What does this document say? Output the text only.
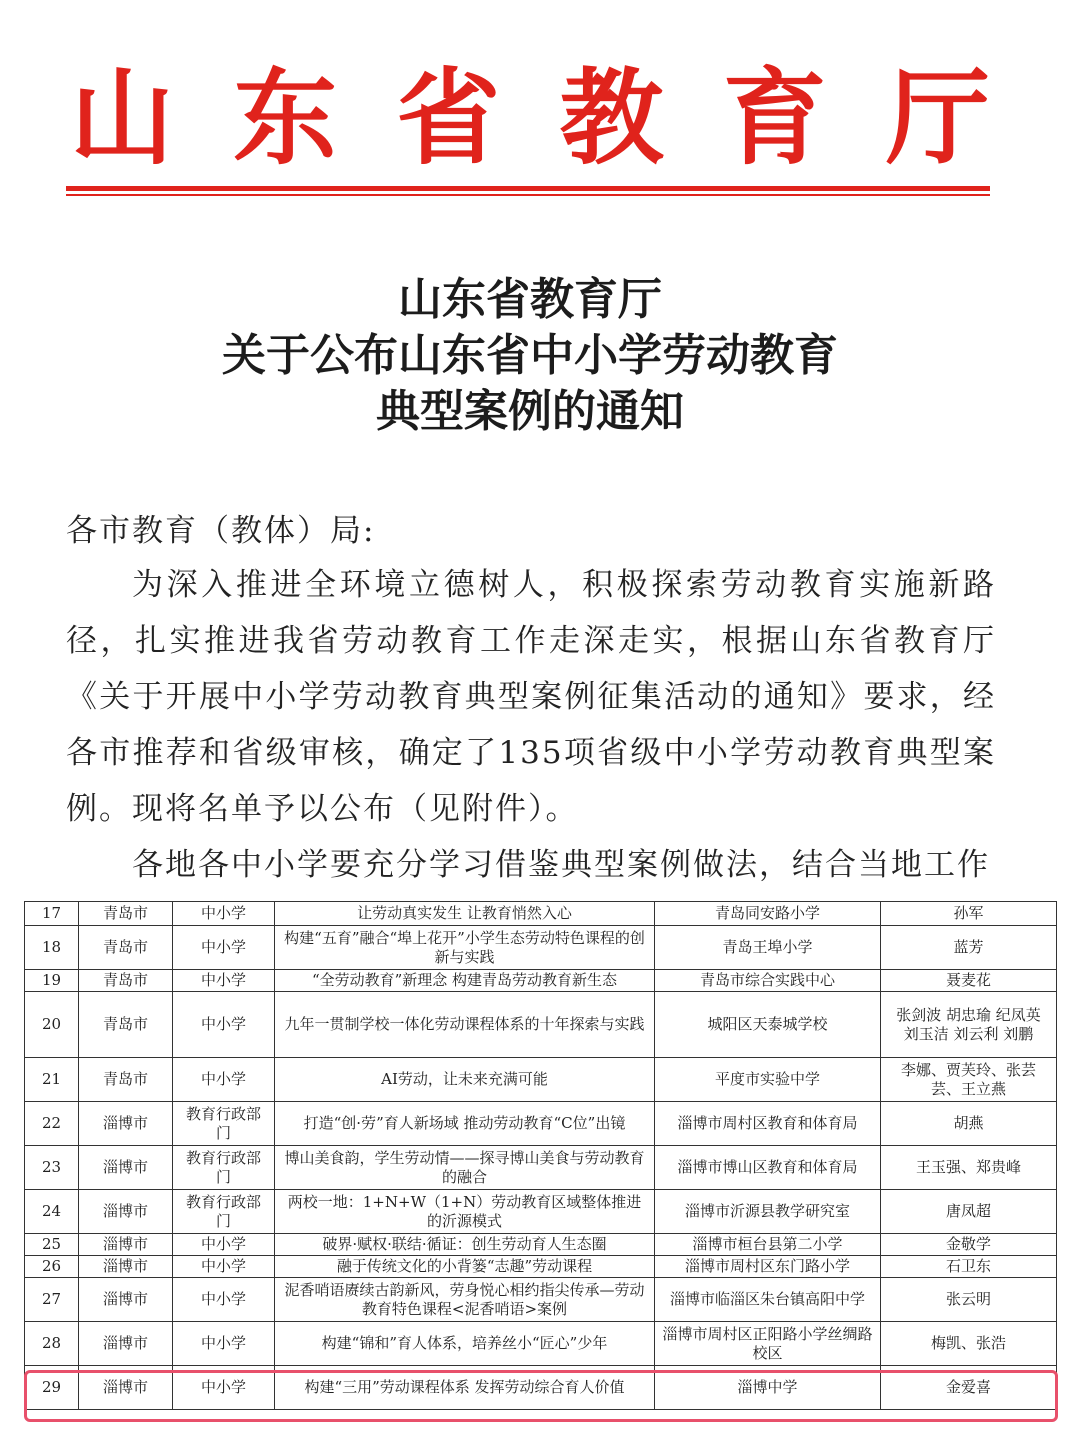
山 东 省 教 育 厅
山东省教育厅
关于公布山东省中小学劳动教育
典型案例的通知
各市教育（教体）局:
为深入推进全环境立德树人，积极探索劳动教育实施新路径，扎实推进我省劳动教育工作走深走实，根据山东省教育厅《关于开展中小学劳动教育典型案例征集活动的通知》要求，经各市推荐和省级审核，确定了135项省级中小学劳动教育典型案例。现将名单予以公布（见附件）。
各地各中小学要充分学习借鉴典型案例做法，结合当地工作
17	青岛市	中小学	让劳动真实发生 让教育悄然入心	青岛同安路小学	孙军
18	青岛市	中小学	构建“五育”融合“埠上花开”小学生态劳动特色课程的创新与实践	青岛王埠小学	蓝芳
19	青岛市	中小学	“全劳动教育”新理念 构建青岛劳动教育新生态	青岛市综合实践中心	聂麦花
20	青岛市	中小学	九年一贯制学校一体化劳动课程体系的十年探索与实践	城阳区天泰城学校	张剑波 胡忠瑜 纪凤英 刘玉洁 刘云利 刘鹏
21	青岛市	中小学	AI劳动，让未来充满可能	平度市实验中学	李娜、贾芙玲、张芸芸、王立燕
22	淄博市	教育行政部门	打造“创·劳”育人新场域 推动劳动教育“C位”出镜	淄博市周村区教育和体育局	胡燕
23	淄博市	教育行政部门	博山美食韵，学生劳动情——探寻博山美食与劳动教育的融合	淄博市博山区教育和体育局	王玉强、郑贵峰
24	淄博市	教育行政部门	两校一地：1+N+W（1+N）劳动教育区域整体推进的沂源模式	淄博市沂源县教学研究室	唐凤超
25	淄博市	中小学	破界·赋权·联结·循证：创生劳动育人生态圈	淄博市桓台县第二小学	金敬学
26	淄博市	中小学	融于传统文化的小背篓“志趣”劳动课程	淄博市周村区东门路小学	石卫东
27	淄博市	中小学	泥香哨语赓续古韵新风，劳身悦心相约指尖传承—劳动教育特色课程<泥香哨语>案例	淄博市临淄区朱台镇高阳中学	张云明
28	淄博市	中小学	构建“锦和”育人体系，培养丝小“匠心”少年	淄博市周村区正阳路小学丝绸路校区	梅凯、张浩
29	淄博市	中小学	构建“三用”劳动课程体系 发挥劳动综合育人价值	淄博中学	金爱喜
